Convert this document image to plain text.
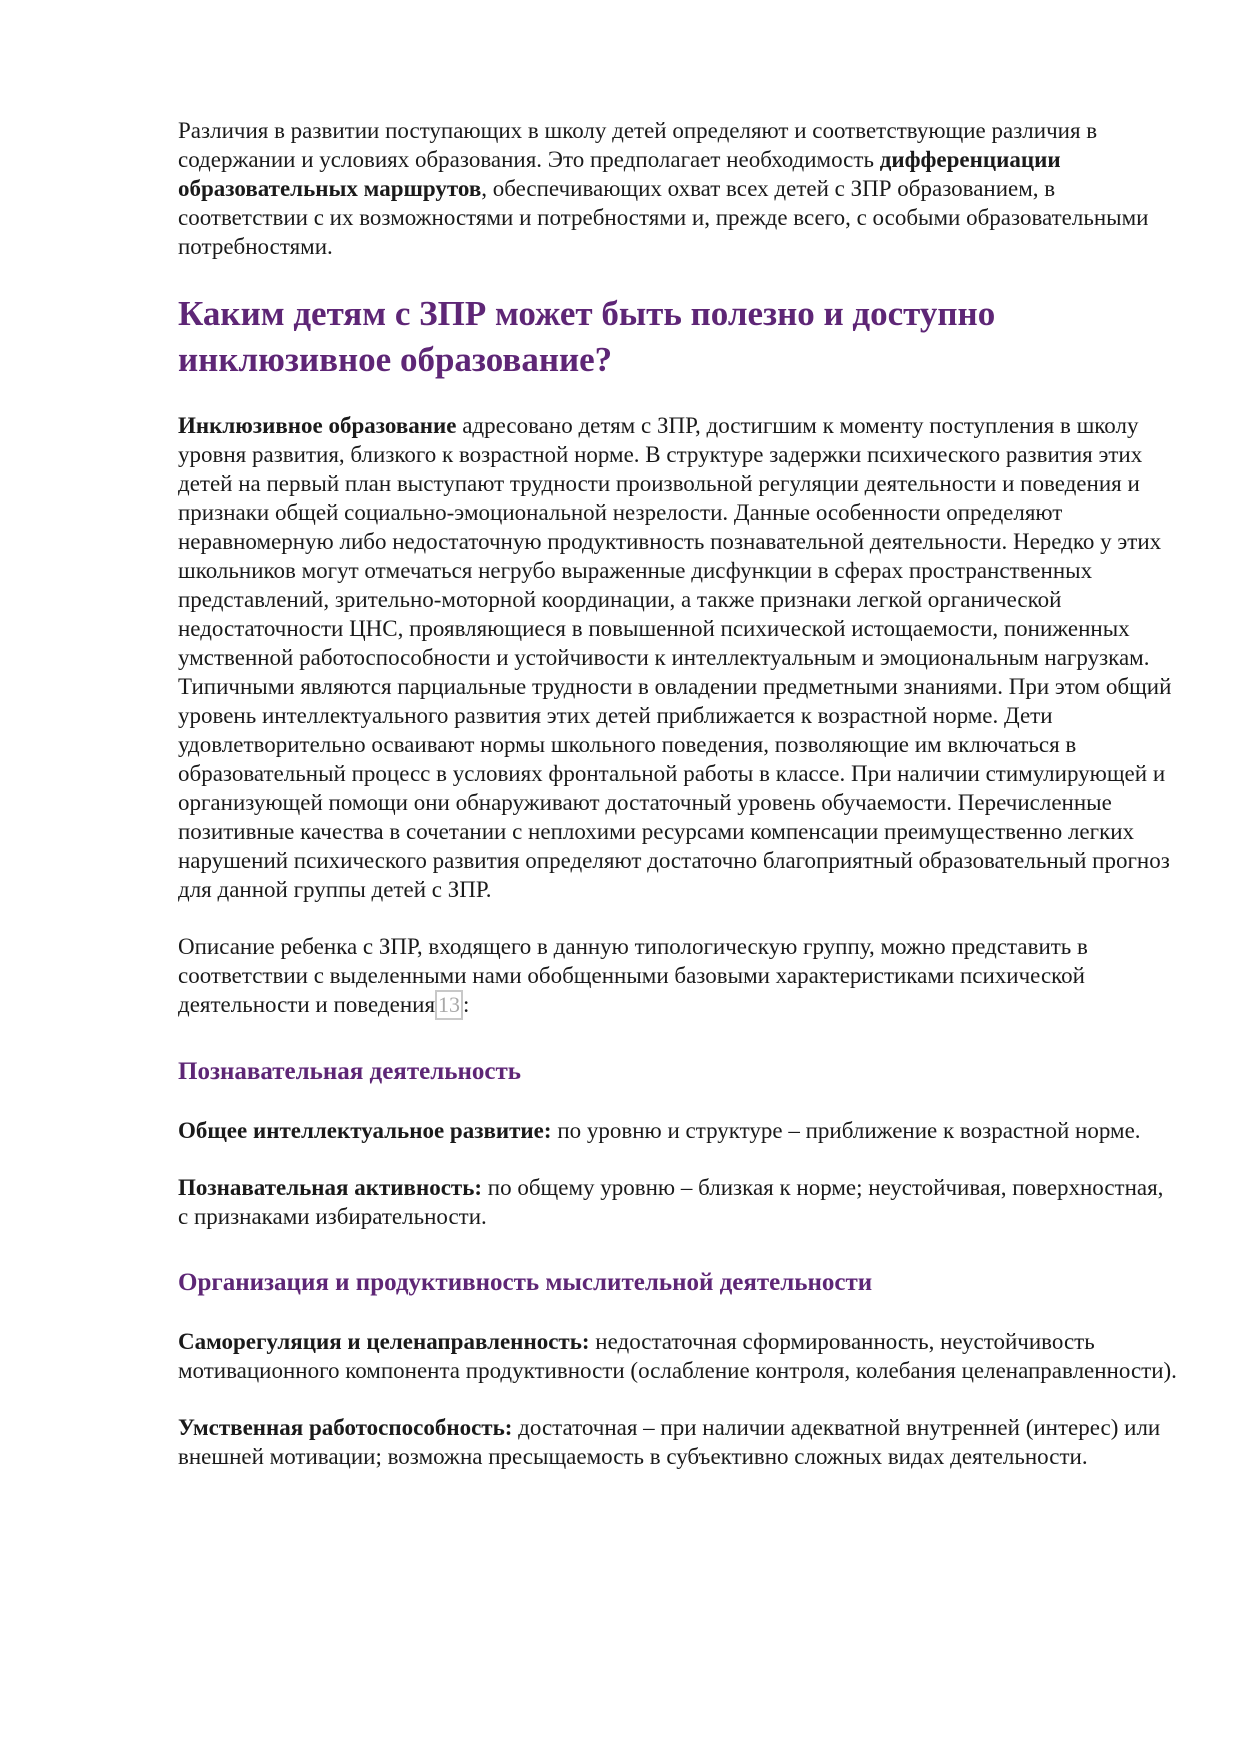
Различия в развитии поступающих в школу детей определяют и соответствующие различия в содержании и условиях образования. Это предполагает необходимость дифференциации образовательных маршрутов, обеспечивающих охват всех детей с ЗПР образованием, в соответствии с их возможностями и потребностями и, прежде всего, с особыми образовательными потребностями.

Каким детям с ЗПР может быть полезно и доступно инклюзивное образование?

Инклюзивное образование адресовано детям с ЗПР, достигшим к моменту поступления в школу уровня развития, близкого к возрастной норме. В структуре задержки психического развития этих детей на первый план выступают трудности произвольной регуляции деятельности и поведения и признаки общей социально-эмоциональной незрелости. Данные особенности определяют неравномерную либо недостаточную продуктивность познавательной деятельности. Нередко у этих школьников могут отмечаться негрубо выраженные дисфункции в сферах пространственных представлений, зрительно-моторной координации, а также признаки легкой органической недостаточности ЦНС, проявляющиеся в повышенной психической истощаемости, пониженных умственной работоспособности и устойчивости к интеллектуальным и эмоциональным нагрузкам. Типичными являются парциальные трудности в овладении предметными знаниями. При этом общий уровень интеллектуального развития этих детей приближается к возрастной норме. Дети удовлетворительно осваивают нормы школьного поведения, позволяющие им включаться в образовательный процесс в условиях фронтальной работы в классе. При наличии стимулирующей и организующей помощи они обнаруживают достаточный уровень обучаемости. Перечисленные позитивные качества в сочетании с неплохими ресурсами компенсации преимущественно легких нарушений психического развития определяют достаточно благоприятный образовательный прогноз для данной группы детей с ЗПР.

Описание ребенка с ЗПР, входящего в данную типологическую группу, можно представить в соответствии с выделенными нами обобщенными базовыми характеристиками психической деятельности и поведения 13 :

Познавательная деятельность

Общее интеллектуальное развитие: по уровню и структуре – приближение к возрастной норме.

Познавательная активность: по общему уровню – близкая к норме; неустойчивая, поверхностная, с признаками избирательности.

Организация и продуктивность мыслительной деятельности

Саморегуляция и целенаправленность: недостаточная сформированность, неустойчивость мотивационного компонента продуктивности (ослабление контроля, колебания целенаправленности).

Умственная работоспособность: достаточная – при наличии адекватной внутренней (интерес) или внешней мотивации; возможна пресыщаемость в субъективно сложных видах деятельности.
